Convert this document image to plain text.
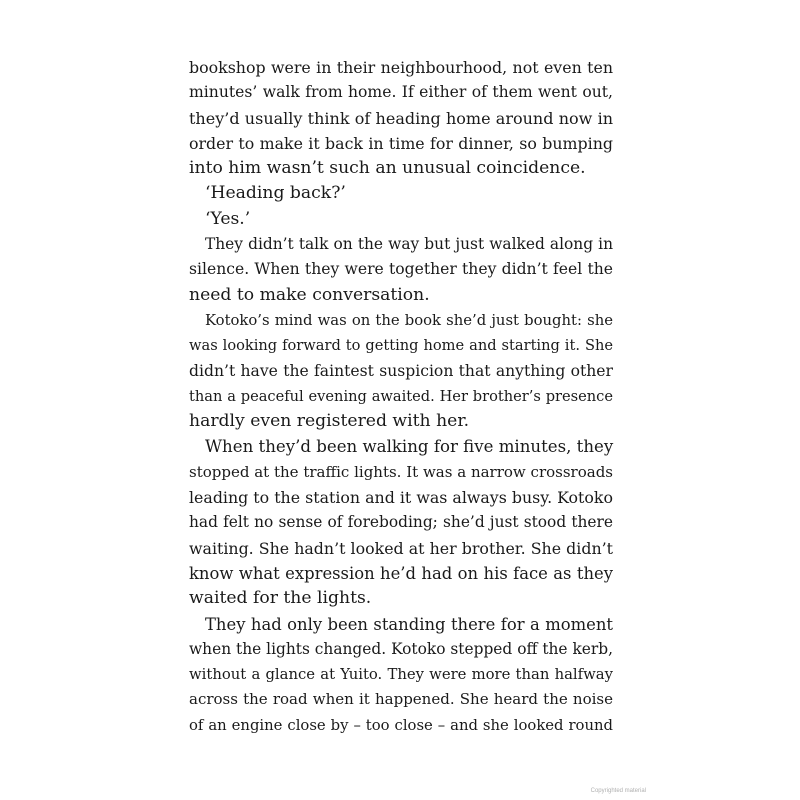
bookshop were in their neighbourhood, not even ten
minutes’ walk from home. If either of them went out,
they’d usually think of heading home around now in
order to make it back in time for dinner, so bumping
into him wasn’t such an unusual coincidence.
‘Heading back?’
‘Yes.’
They didn’t talk on the way but just walked along in
silence. When they were together they didn’t feel the
need to make conversation.
Kotoko’s mind was on the book she’d just bought: she
was looking forward to getting home and starting it. She
didn’t have the faintest suspicion that anything other
than a peaceful evening awaited. Her brother’s presence
hardly even registered with her.
When they’d been walking for five minutes, they
stopped at the traffic lights. It was a narrow crossroads
leading to the station and it was always busy. Kotoko
had felt no sense of foreboding; she’d just stood there
waiting. She hadn’t looked at her brother. She didn’t
know what expression he’d had on his face as they
waited for the lights.
They had only been standing there for a moment
when the lights changed. Kotoko stepped off the kerb,
without a glance at Yuito. They were more than halfway
across the road when it happened. She heard the noise
of an engine close by – too close – and she looked round
Copyrighted material
